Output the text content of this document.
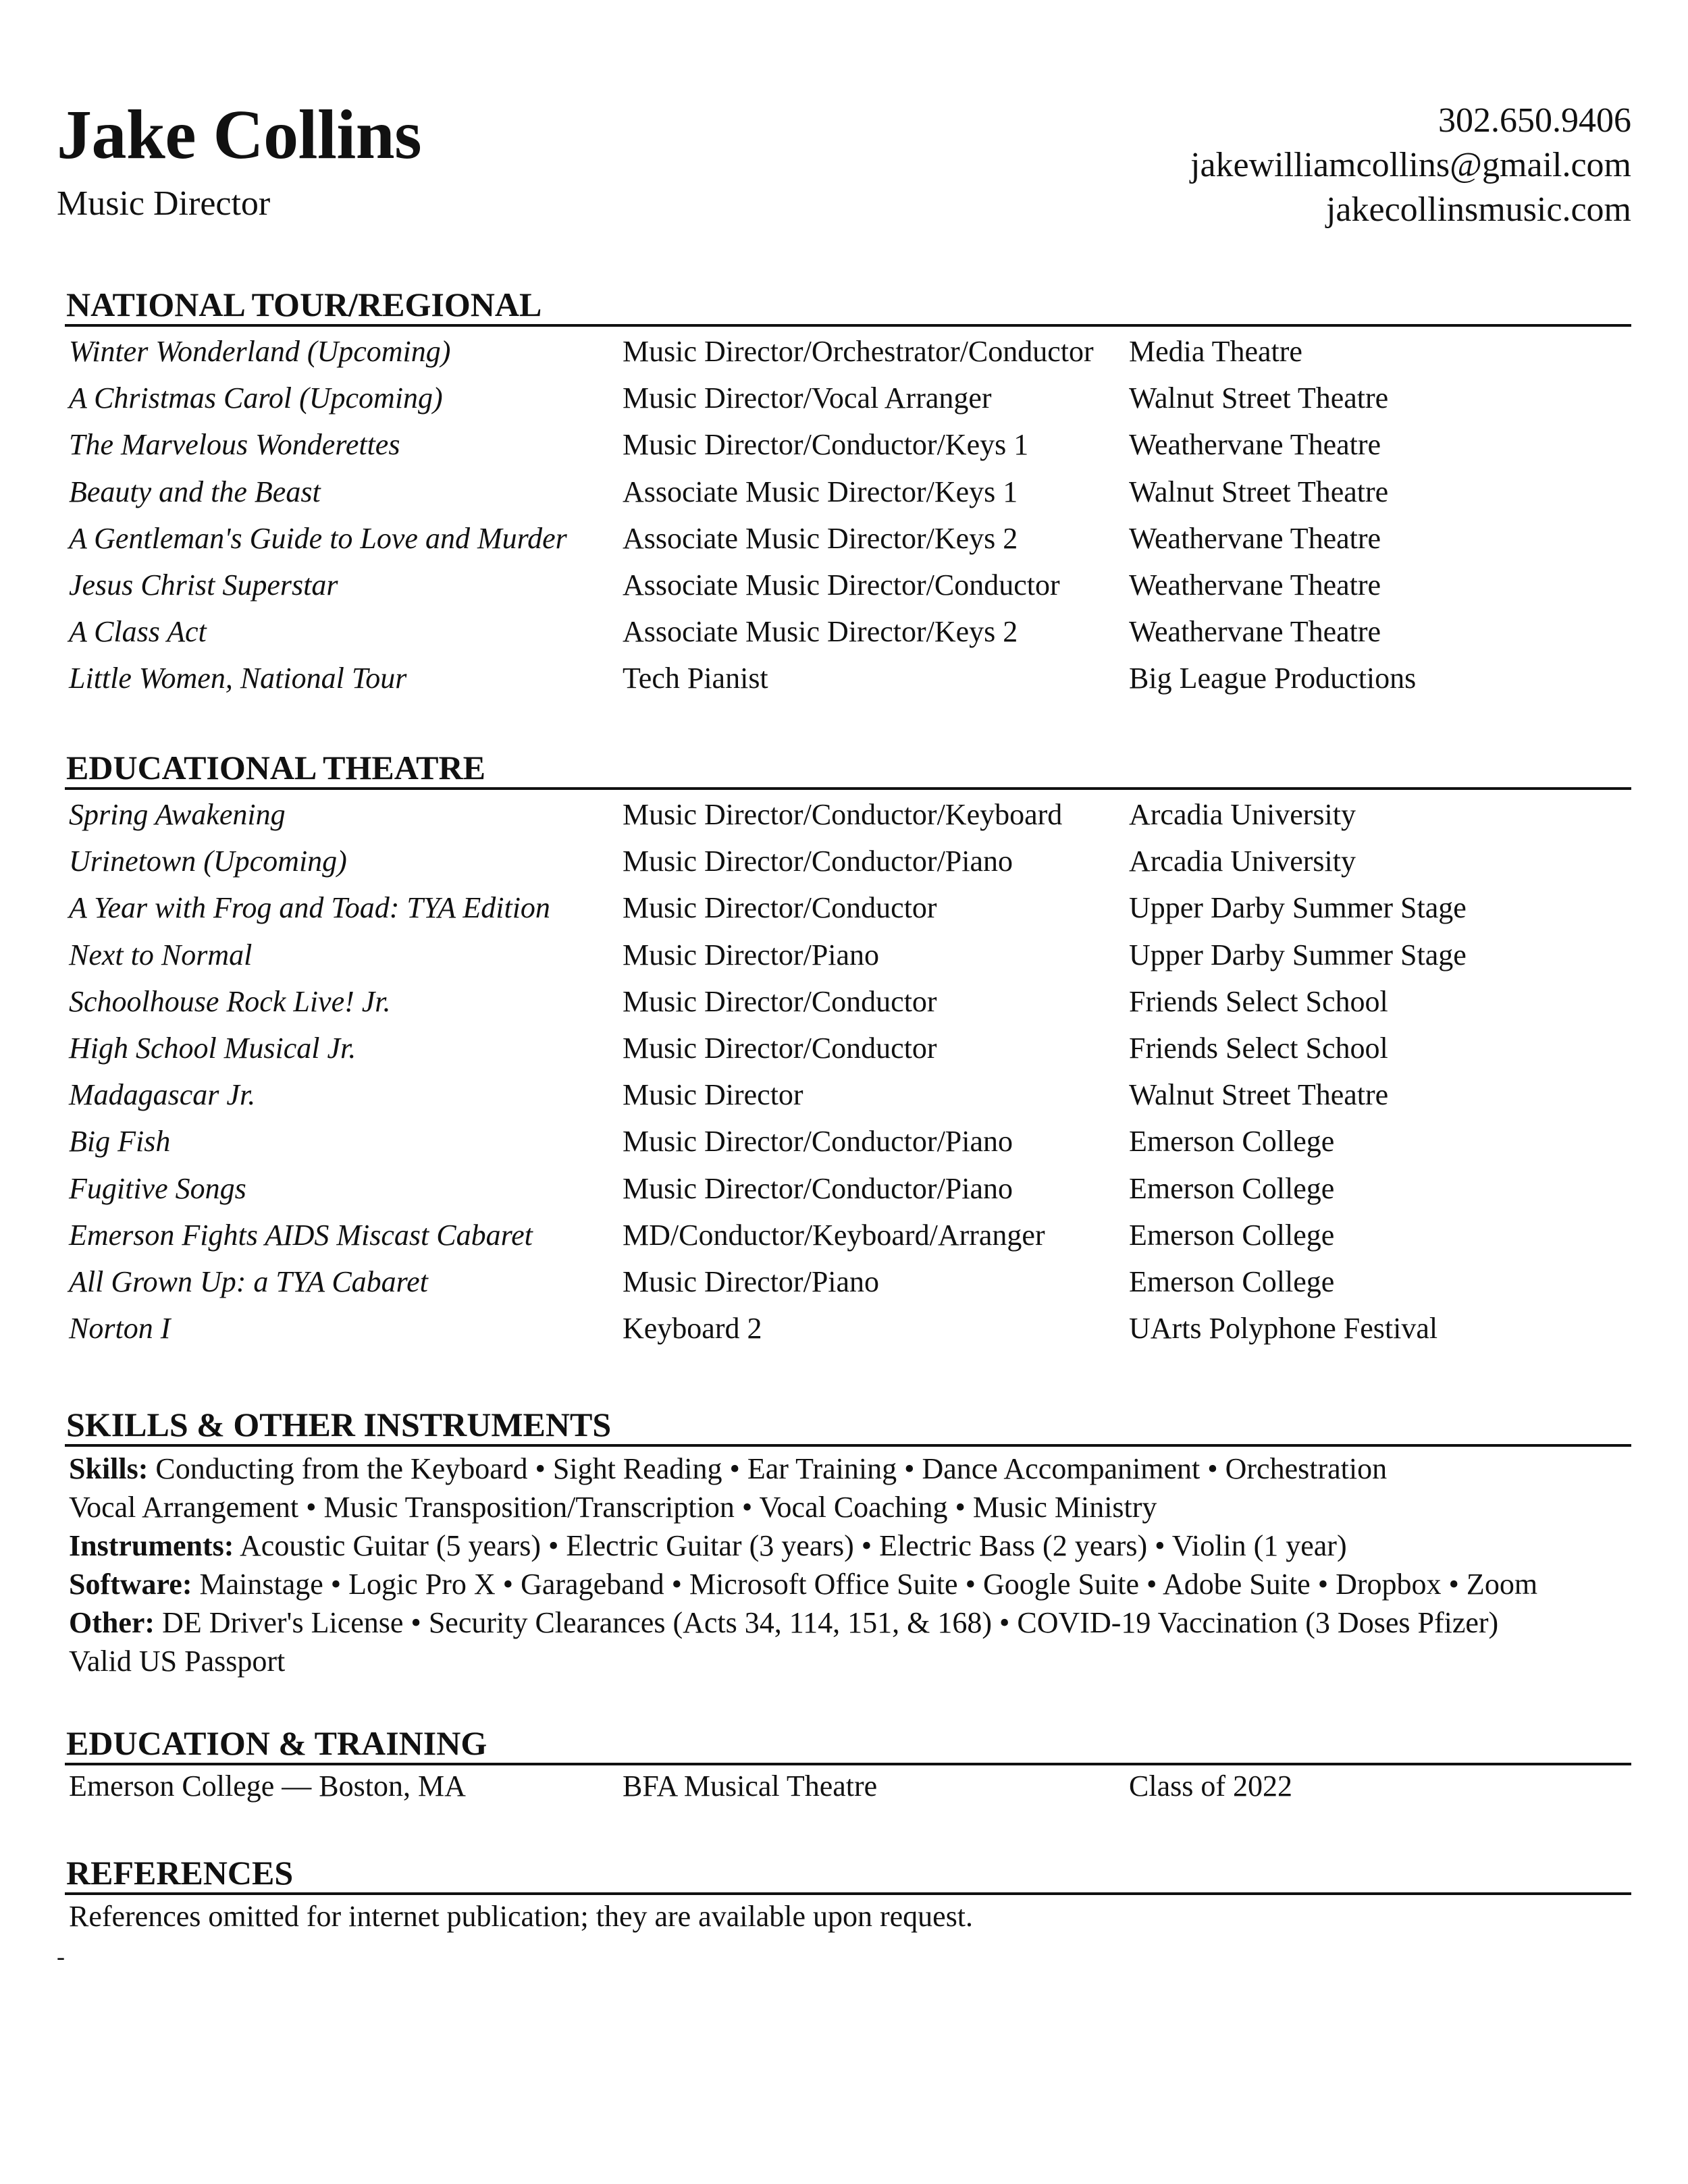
Jake Collins
Music Director
302.650.9406
jakewilliamcollins@gmail.com
jakecollinsmusic.com
NATIONAL TOUR/REGIONAL
Winter Wonderland (Upcoming)	Music Director/Orchestrator/Conductor	Media Theatre
A Christmas Carol (Upcoming)	Music Director/Vocal Arranger	Walnut Street Theatre
The Marvelous Wonderettes	Music Director/Conductor/Keys 1	Weathervane Theatre
Beauty and the Beast	Associate Music Director/Keys 1	Walnut Street Theatre
A Gentleman's Guide to Love and Murder	Associate Music Director/Keys 2	Weathervane Theatre
Jesus Christ Superstar	Associate Music Director/Conductor	Weathervane Theatre
A Class Act	Associate Music Director/Keys 2	Weathervane Theatre
Little Women, National Tour	Tech Pianist	Big League Productions
EDUCATIONAL THEATRE
Spring Awakening	Music Director/Conductor/Keyboard	Arcadia University
Urinetown (Upcoming)	Music Director/Conductor/Piano	Arcadia University
A Year with Frog and Toad: TYA Edition	Music Director/Conductor	Upper Darby Summer Stage
Next to Normal	Music Director/Piano	Upper Darby Summer Stage
Schoolhouse Rock Live! Jr.	Music Director/Conductor	Friends Select School
High School Musical Jr.	Music Director/Conductor	Friends Select School
Madagascar Jr.	Music Director	Walnut Street Theatre
Big Fish	Music Director/Conductor/Piano	Emerson College
Fugitive Songs	Music Director/Conductor/Piano	Emerson College
Emerson Fights AIDS Miscast Cabaret	MD/Conductor/Keyboard/Arranger	Emerson College
All Grown Up: a TYA Cabaret	Music Director/Piano	Emerson College
Norton I	Keyboard 2	UArts Polyphone Festival
SKILLS & OTHER INSTRUMENTS
Skills: Conducting from the Keyboard • Sight Reading • Ear Training • Dance Accompaniment • Orchestration
Vocal Arrangement • Music Transposition/Transcription • Vocal Coaching • Music Ministry
Instruments: Acoustic Guitar (5 years) • Electric Guitar (3 years) • Electric Bass (2 years) • Violin (1 year)
Software: Mainstage • Logic Pro X • Garageband • Microsoft Office Suite • Google Suite • Adobe Suite • Dropbox • Zoom
Other: DE Driver's License • Security Clearances (Acts 34, 114, 151, & 168) • COVID-19 Vaccination (3 Doses Pfizer)
Valid US Passport
EDUCATION & TRAINING
Emerson College — Boston, MA	BFA Musical Theatre	Class of 2022
REFERENCES
References omitted for internet publication; they are available upon request.
-
